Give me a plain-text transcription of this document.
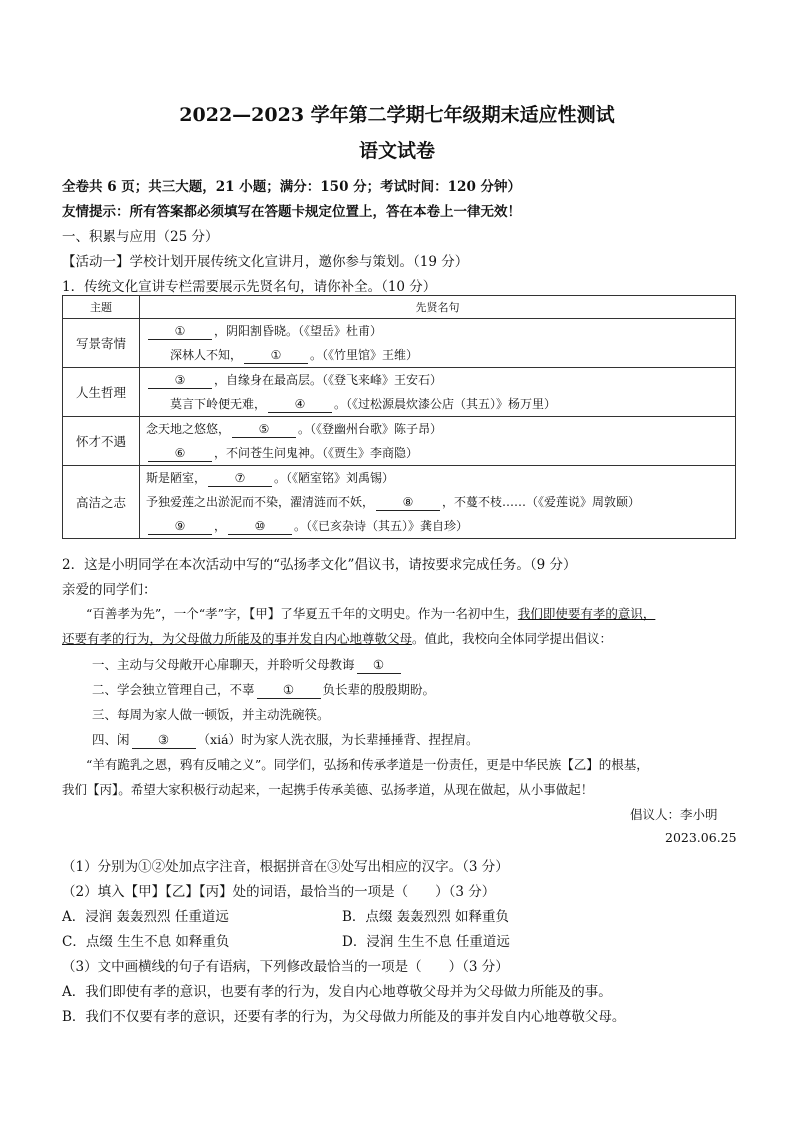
2022—2023 学年第二学期七年级期末适应性测试
语文试卷
全卷共 6 页；共三大题，21 小题；满分：150 分；考试时间：120 分钟）
友情提示：所有答案都必须填写在答题卡规定位置上，答在本卷上一律无效！
一、积累与应用（25 分）
【活动一】学校计划开展传统文化宣讲月，邀你参与策划。（19 分）
1．传统文化宣讲专栏需要展示先贤名句，请你补全。（10 分）
主题	先贤名句
写景寄情	① ，阴阳割昏晓。（《望岳》杜甫）
深林人不知， ① 。（《竹里馆》王维）

人生哲理	③ ，自缘身在最高层。（《登飞来峰》王安石）
莫言下岭便无难， ④ 。（《过松源晨炊漆公店（其五）》杨万里）

怀才不遇	念天地之悠悠， ⑤ 。（《登幽州台歌》陈子昂）
⑥ ，不问苍生问鬼神。（《贾生》李商隐）

高洁之志	斯是陋室， ⑦ 。（《陋室铭》刘禹锡）
予独爱莲之出淤泥而不染，濯清涟而不妖， ⑧ ，不蔓不枝……（《爱莲说》周敦颐）
⑨ ， ⑩ 。（《已亥杂诗（其五）》龚自珍）
2．这是小明同学在本次活动中写的“弘扬孝文化”倡议书，请按要求完成任务。（9 分）
亲爱的同学们：
“百善孝为先”，一个“孝”字，【甲】了华夏五千年的文明史。作为一名初中生，我们即使要有孝的意识，
还要有孝的行为，为父母做力所能及的事并发自内心地尊敬父母。值此，我校向全体同学提出倡议：
一、主动与父母敞开心扉聊天，并聆听父母教诲 ①
二、学会独立管理自己，不辜 ① 负长辈的殷殷期盼。
三、每周为家人做一顿饭，并主动洗碗筷。
四、闲 ③ （xiá）时为家人洗衣服，为长辈捶捶背、捏捏肩。
“羊有跪乳之恩，鸦有反哺之义”。同学们，弘扬和传承孝道是一份责任，更是中华民族【乙】的根基，
我们【丙】。希望大家积极行动起来，一起携手传承美德、弘扬孝道，从现在做起，从小事做起！
倡议人：李小明
2023.06.25
（1）分别为①②处加点字注音，根据拼音在③处写出相应的汉字。（3 分）
（2）填入【甲】【乙】【丙】处的词语，最恰当的一项是（　　）（3 分）
A．浸润 轰轰烈烈 任重道远	B．点缀 轰轰烈烈 如释重负
C．点缀 生生不息 如释重负	D．浸润 生生不息 任重道远
（3）文中画横线的句子有语病，下列修改最恰当的一项是（　　）（3 分）
A．我们即使有孝的意识，也要有孝的行为，发自内心地尊敬父母并为父母做力所能及的事。
B．我们不仅要有孝的意识，还要有孝的行为，为父母做力所能及的事并发自内心地尊敬父母。
